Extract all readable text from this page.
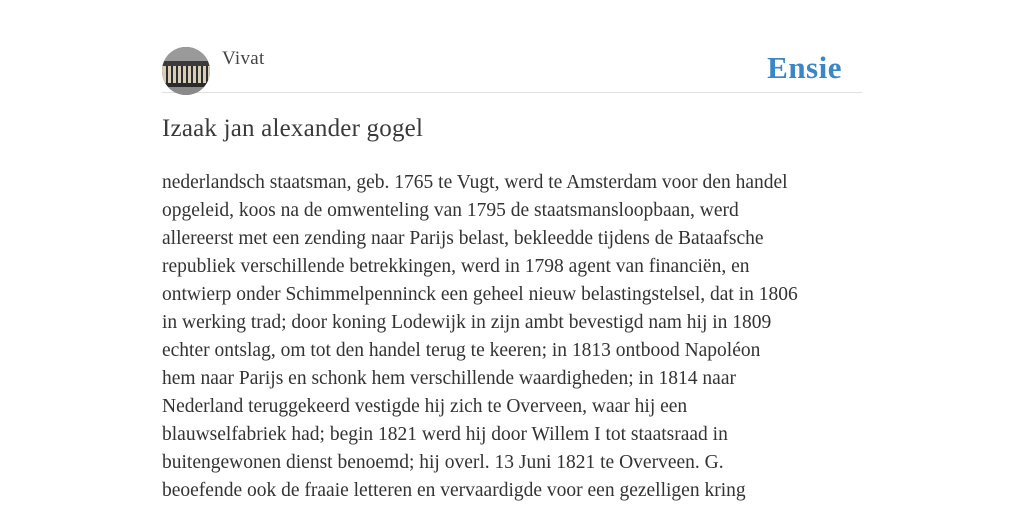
Vivat	Ensie
Izaak jan alexander gogel

nederlandsch staatsman, geb. 1765 te Vugt, werd te Amsterdam voor den handel
opgeleid, koos na de omwenteling van 1795 de staatsmansloopbaan, werd
allereerst met een zending naar Parijs belast, bekleedde tijdens de Bataafsche
republiek verschillende betrekkingen, werd in 1798 agent van financiën, en
ontwierp onder Schimmelpenninck een geheel nieuw belastingstelsel, dat in 1806
in werking trad; door koning Lodewijk in zijn ambt bevestigd nam hij in 1809
echter ontslag, om tot den handel terug te keeren; in 1813 ontbood Napoléon
hem naar Parijs en schonk hem verschillende waardigheden; in 1814 naar
Nederland teruggekeerd vestigde hij zich te Overveen, waar hij een
blauwselfabriek had; begin 1821 werd hij door Willem I tot staatsraad in
buitengewonen dienst benoemd; hij overl. 13 Juni 1821 te Overveen. G.
beoefende ook de fraaie letteren en vervaardigde voor een gezelligen kring
